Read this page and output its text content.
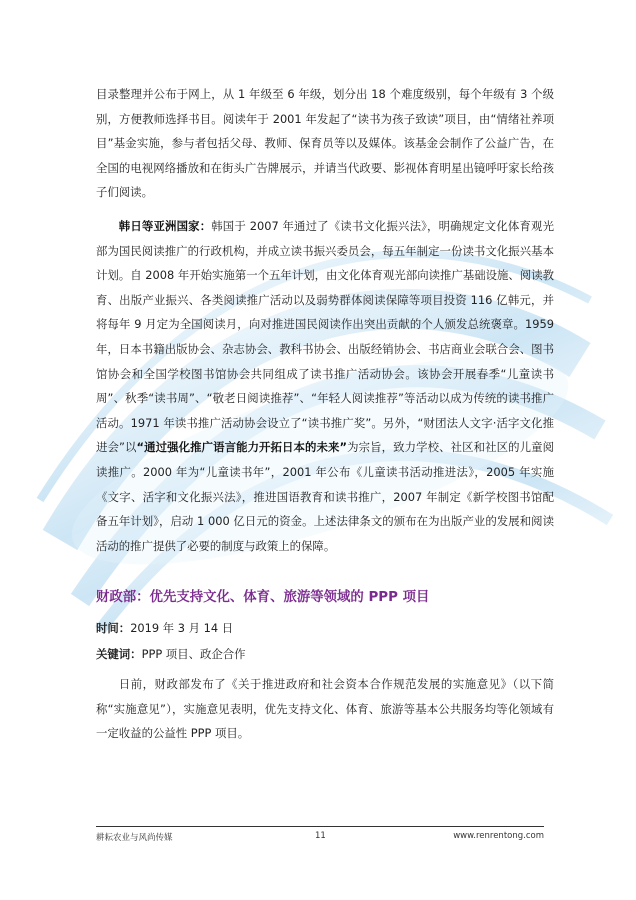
目录整理并公布于网上，从 1 年级至 6 年级，划分出 18 个难度级别，每个年级有 3 个级别，方便教师选择书目。阅读年于 2001 年发起了“读书为孩子致读”项目，由“情绪社养项目”基金实施，参与者包括父母、教师、保育员等以及媒体。该基金会制作了公益广告，在全国的电视网络播放和在街头广告牌展示，并请当代政要、影视体育明星出镜呼吁家长给孩子们阅读。

韩日等亚洲国家：韩国于 2007 年通过了《读书文化振兴法》，明确规定文化体育观光部为国民阅读推广的行政机构，并成立读书振兴委员会，每五年制定一份读书文化振兴基本计划。自 2008 年开始实施第一个五年计划，由文化体育观光部向读推广基础设施、阅读教育、出版产业振兴、各类阅读推广活动以及弱势群体阅读保障等项目投资 116 亿韩元，并将每年 9 月定为全国阅读月，向对推进国民阅读作出突出贡献的个人颁发总统褒章。1959 年，日本书籍出版协会、杂志协会、教科书协会、出版经销协会、书店商业会联合会、图书馆协会和全国学校图书馆协会共同组成了读书推广活动协会。该协会开展春季“儿童读书周”、秋季“读书周”、“敬老日阅读推荐”、“年轻人阅读推荐”等活动以成为传统的读书推广活动。1971 年读书推广活动协会设立了“读书推广奖”。另外，“财团法人文字·活字文化推进会”以“通过强化推广语言能力开拓日本的未来”为宗旨，致力学校、社区和社区的儿童阅读推广。2000 年为“儿童读书年”，2001 年公布《儿童读书活动推进法》，2005 年实施《文字、活字和文化振兴法》，推进国语教育和读书推广，2007 年制定《新学校图书馆配备五年计划》，启动 1 000 亿日元的资金。上述法律条文的颁布在为出版产业的发展和阅读活动的推广提供了必要的制度与政策上的保障。

财政部：优先支持文化、体育、旅游等领域的 PPP 项目

时间：2019 年 3 月 14 日

关键词：PPP 项目、政企合作

日前，财政部发布了《关于推进政府和社会资本合作规范发展的实施意见》（以下简称“实施意见”），实施意见表明，优先支持文化、体育、旅游等基本公共服务均等化领域有一定收益的公益性 PPP 项目。

耕耘农业与风尚传媒	11	www.renrentong.com
